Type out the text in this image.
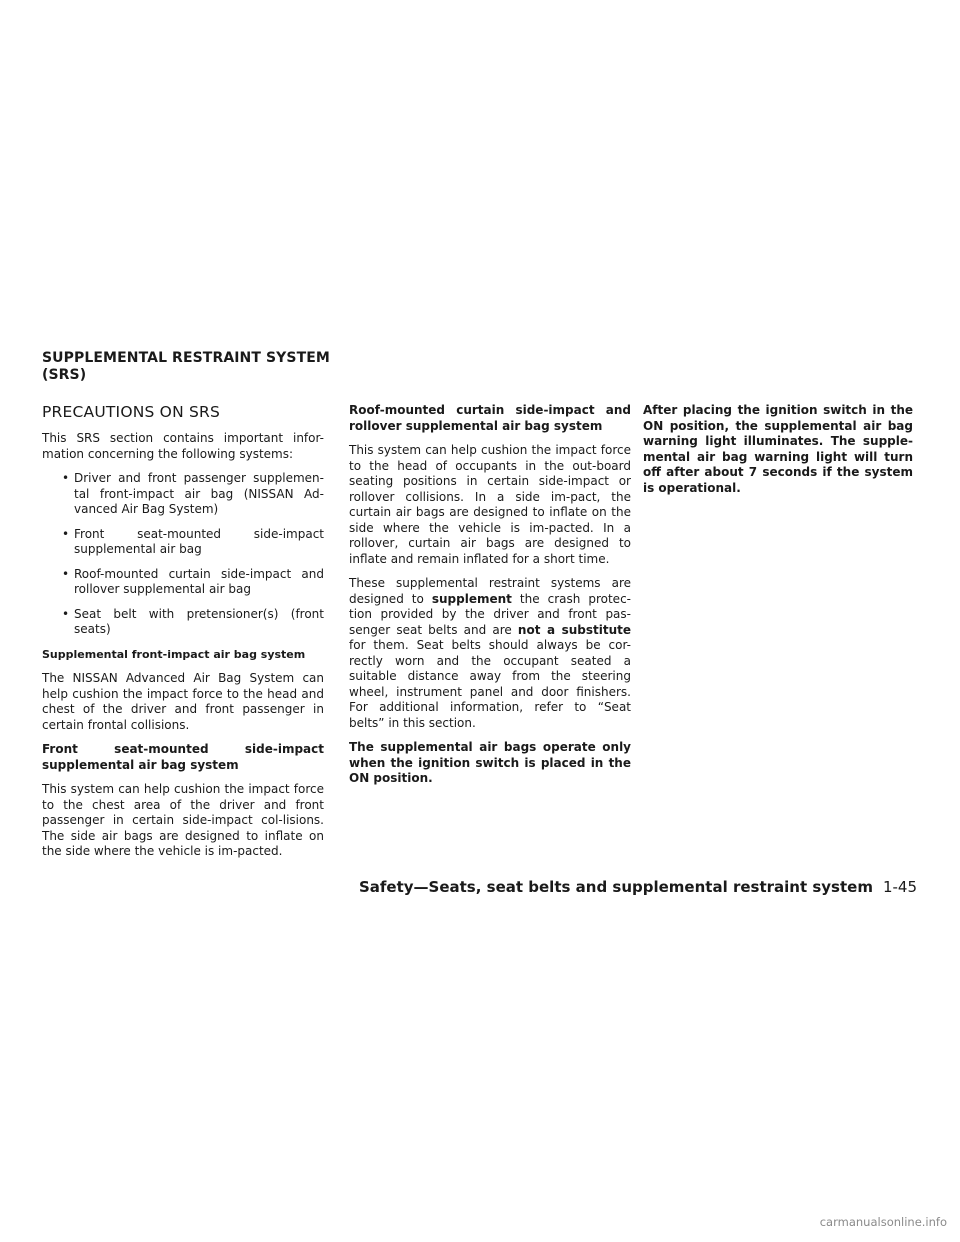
SUPPLEMENTAL RESTRAINT SYSTEM
(SRS)
PRECAUTIONS ON SRS

This SRS section contains important infor-mation concerning the following systems:

• Driver and front passenger supplemen-tal front-impact air bag (NISSAN Ad-vanced Air Bag System)
• Front seat-mounted side-impact supplemental air bag
• Roof-mounted curtain side-impact and rollover supplemental air bag
• Seat belt with pretensioner(s) (front seats)

Supplemental front-impact air bag system

The NISSAN Advanced Air Bag System can help cushion the impact force to the head and chest of the driver and front passenger in certain frontal collisions.

Front seat-mounted side-impact supplemental air bag system

This system can help cushion the impact force to the chest area of the driver and front passenger in certain side-impact col-lisions. The side air bags are designed to inflate on the side where the vehicle is im-pacted.

Roof-mounted curtain side-impact and rollover supplemental air bag system

This system can help cushion the impact force to the head of occupants in the out-board seating positions in certain side-impact or rollover collisions. In a side im-pact, the curtain air bags are designed to inflate on the side where the vehicle is im-pacted. In a rollover, curtain air bags are designed to inflate and remain inflated for a short time.

These supplemental restraint systems are designed to supplement the crash protec-tion provided by the driver and front pas-senger seat belts and are not a substitute for them. Seat belts should always be cor-rectly worn and the occupant seated a suitable distance away from the steering wheel, instrument panel and door finishers. For additional information, refer to “Seat belts” in this section.

The supplemental air bags operate only when the ignition switch is placed in the ON position.

After placing the ignition switch in the ON position, the supplemental air bag warning light illuminates. The supple-mental air bag warning light will turn off after about 7 seconds if the system is operational.

Safety—Seats, seat belts and supplemental restraint system 1-45
carmanualsonline.info
